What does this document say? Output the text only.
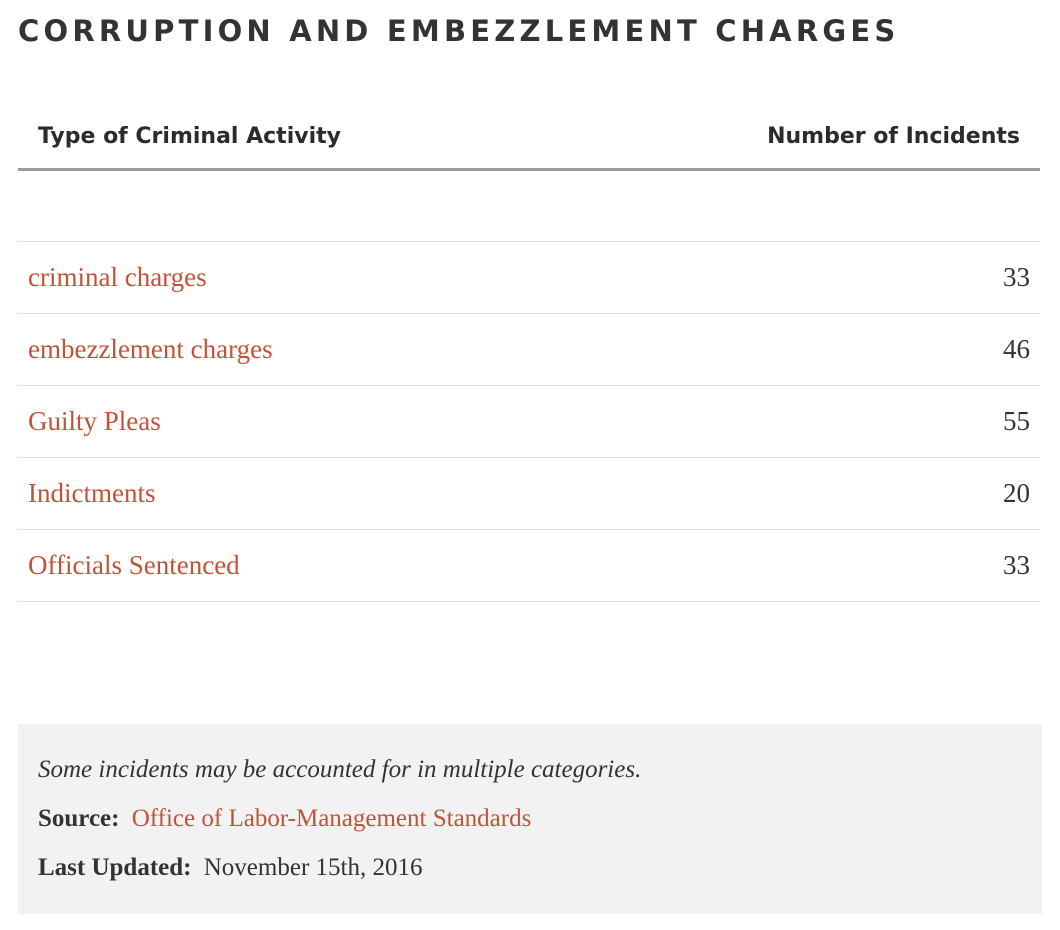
CORRUPTION AND EMBEZZLEMENT CHARGES
Type of Criminal Activity	Number of Incidents
criminal charges	33
embezzlement charges	46
Guilty Pleas	55
Indictments	20
Officials Sentenced	33
Some incidents may be accounted for in multiple categories.
Source: Office of Labor-Management Standards
Last Updated: November 15th, 2016
